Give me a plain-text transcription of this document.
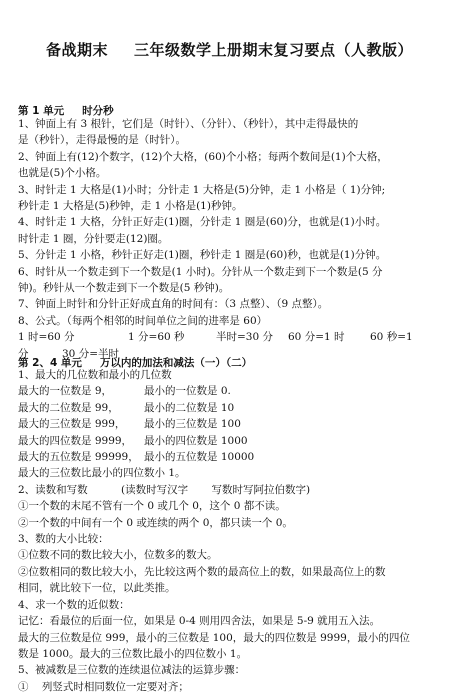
备战期末 三年级数学上册期末复习要点（人教版）
第 1 单元 时分秒

1、钟面上有 3 根针，它们是（时针）、（分针）、（秒针），其中走得最快的

是（秒针），走得最慢的是（时针）。

2、钟面上有(12)个数字，(12)个大格，(60)个小格；每两个数间是(1)个大格，

也就是(5)个小格。

3、时针走 1 大格是(1)小时；分针走 1 大格是(5)分钟，走 1 小格是（ 1)分钟;

秒针走 1 大格是(5)秒钟，走 1 小格是(1)秒钟。

4、时针走 1 大格，分针正好走(1)圈，分针走 1 圈是(60)分，也就是(1)小时。

时针走 1 圈，分针要走(12)圈。

5、分针走 1 小格，秒针正好走(1)圈，秒针走 1 圈是(60)秒，也就是(1)分钟。

6、时针从一个数走到下一个数是(1 小时)。分针从一个数走到下一个数是(5 分

钟)。秒针从一个数走到下一个数是(5 秒钟)。

7、钟面上时针和分针正好成直角的时间有：（3 点整）、（9 点整）。

8、公式。（每两个相邻的时间单位之间的进率是 60）

1 时=60 分	1 分=60 秒	半时=30 分 60 分=1 时 60 秒=1

分	30 分=半时

第 2、4 单元 万以内的加法和减法（一）（二）

1、最大的几位数和最小的几位数

最大的一位数是 9，	最小的一位数是 0.

最大的二位数是 99， 最小的二位数是 10

最大的三位数是 999， 最小的三位数是 100

最大的四位数是 9999， 最小的四位数是 1000

最大的五位数是 99999， 最小的五位数是 10000

最大的三位数比最小的四位数小 1。

2、读数和写数          (读数时写汉字       写数时写阿拉伯数字)

①一个数的末尾不管有一个 0 或几个 0，这个 0 都不读。

②一个数的中间有一个 0 或连续的两个 0，都只读一个 0。

3、数的大小比较：

①位数不同的数比较大小，位数多的数大。

②位数相同的数比较大小，先比较这两个数的最高位上的数，如果最高位上的数

相同，就比较下一位，以此类推。

4、求一个数的近似数：

记忆：看最位的后面一位，如果是 0-4 则用四舍法，如果是 5-9 就用五入法。

最大的三位数是位 999，最小的三位数是 100，最大的四位数是 9999，最小的四位

数是 1000。最大的三位数比最小的四位数小 1。

5、被减数是三位数的连续退位减法的运算步骤：

①    列竖式时相同数位一定要对齐；
